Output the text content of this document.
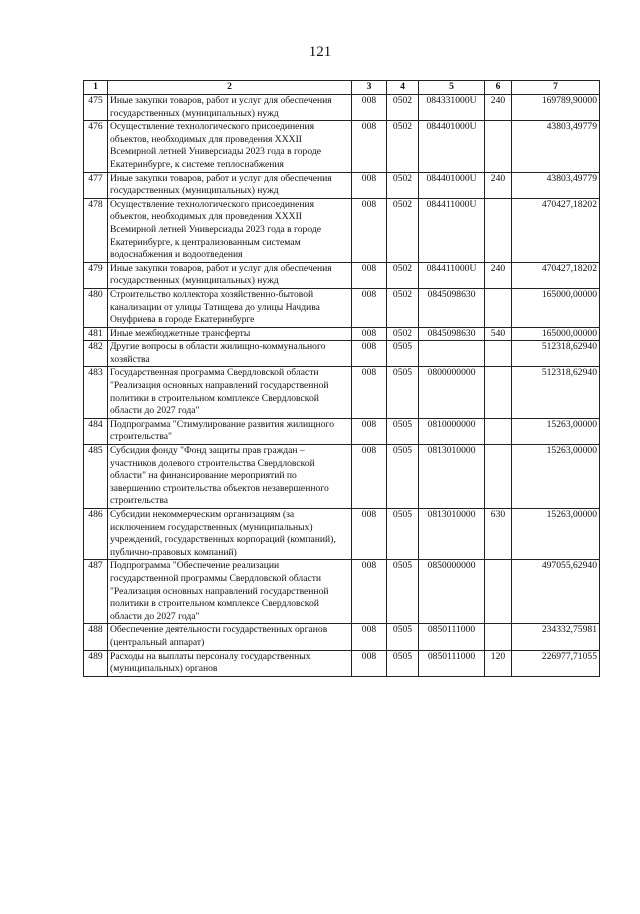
121
1	2	3	4	5	6	7
475	Иные закупки товаров, работ и услуг для обеспечения государственных (муниципальных) нужд	008	0502	084331000U	240	169789,90000
476	Осуществление технологического присоединения объектов, необходимых для проведения XXXII Всемирной летней Универсиады 2023 года в городе Екатеринбурге, к системе теплоснабжения	008	0502	084401000U		43803,49779
477	Иные закупки товаров, работ и услуг для обеспечения государственных (муниципальных) нужд	008	0502	084401000U	240	43803,49779
478	Осуществление технологического присоединения объектов, необходимых для проведения XXXII Всемирной летней Универсиады 2023 года в городе Екатеринбурге, к централизованным системам водоснабжения и водоотведения	008	0502	084411000U		470427,18202
479	Иные закупки товаров, работ и услуг для обеспечения государственных (муниципальных) нужд	008	0502	084411000U	240	470427,18202
480	Строительство коллектора хозяйственно-бытовой канализации от улицы Татищева до улицы Начдива Онуфриева в городе Екатеринбурге	008	0502	0845098630		165000,00000
481	Иные межбюджетные трансферты	008	0502	0845098630	540	165000,00000
482	Другие вопросы в области жилищно-коммунального хозяйства	008	0505			512318,62940
483	Государственная программа Свердловской области "Реализация основных направлений государственной политики в строительном комплексе Свердловской области до 2027 года"	008	0505	0800000000		512318,62940
484	Подпрограмма "Стимулирование развития жилищного строительства"	008	0505	0810000000		15263,00000
485	Субсидия фонду "Фонд защиты прав граждан – участников долевого строительства Свердловской области" на финансирование мероприятий по завершению строительства объектов незавершенного строительства	008	0505	0813010000		15263,00000
486	Субсидии некоммерческим организациям (за исключением государственных (муниципальных) учреждений, государственных корпораций (компаний), публично-правовых компаний)	008	0505	0813010000	630	15263,00000
487	Подпрограмма "Обеспечение реализации государственной программы Свердловской области "Реализация основных направлений государственной политики в строительном комплексе Свердловской области до 2027 года"	008	0505	0850000000		497055,62940
488	Обеспечение деятельности государственных органов (центральный аппарат)	008	0505	0850111000		234332,75981
489	Расходы на выплаты персоналу государственных (муниципальных) органов	008	0505	0850111000	120	226977,71055
